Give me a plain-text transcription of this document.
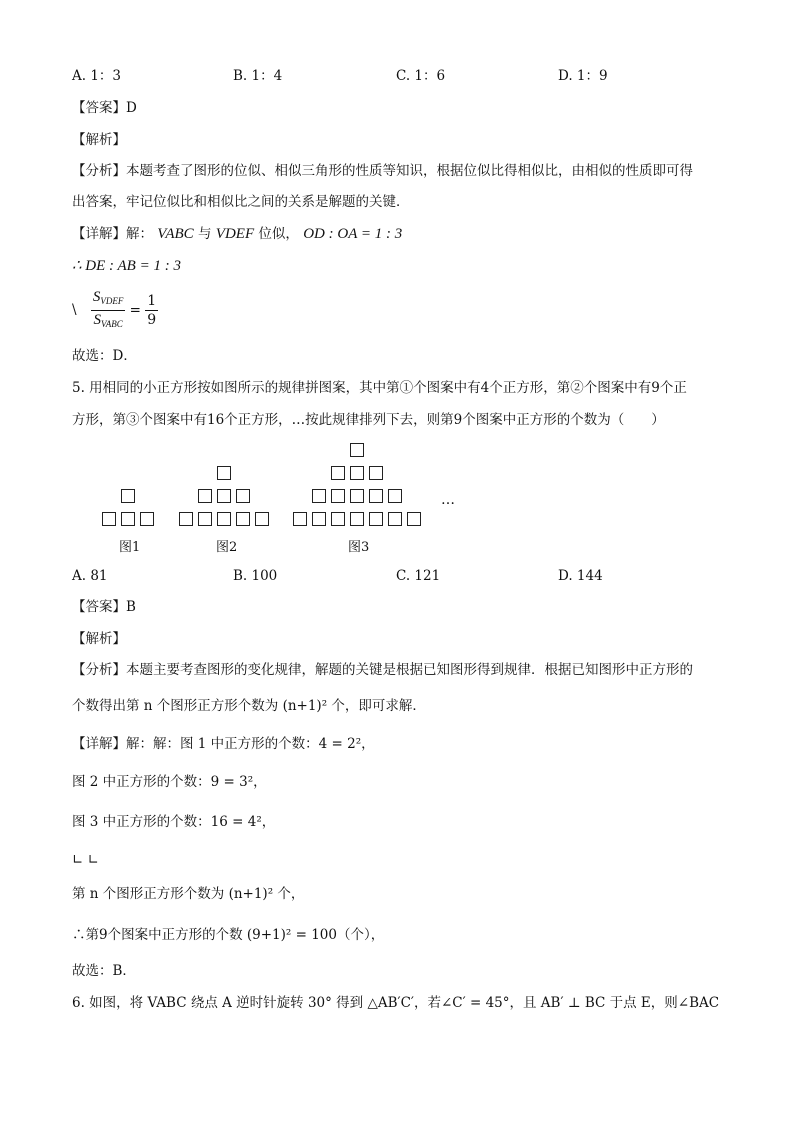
A. 1：3	B. 1：4	C. 1：6	D. 1：9
【答案】D
【解析】
【分析】本题考查了图形的位似、相似三角形的性质等知识，根据位似比得相似比，由相似的性质即可得
出答案，牢记位似比和相似比之间的关系是解题的关键．
【详解】解： VABC 与 VDEF 位似， OD : OA = 1 : 3
∴ DE : AB = 1 : 3
\ $\frac{S_{VDEF}}{S_{VABC}} = \frac{1}{9}$
故选：D．
5. 用相同的小正方形按如图所示的规律拼图案，其中第①个图案中有4个正方形，第②个图案中有9个正
方形，第③个图案中有16个正方形，…按此规律排列下去，则第9个图案中正方形的个数为（　　）
…
图1	图2	图3
A. 81	B. 100	C. 121	D. 144
【答案】B
【解析】
【分析】本题主要考查图形的变化规律，解题的关键是根据已知图形得到规律．根据已知图形中正方形的
个数得出第 n 个图形正方形个数为 (n+1)² 个，即可求解．
【详解】解：解：图 1 中正方形的个数：4 = 2²，
图 2 中正方形的个数：9 = 3²，
图 3 中正方形的个数：16 = 4²，
∟ ∟
第 n 个图形正方形个数为 (n+1)² 个，
∴第9个图案中正方形的个数 (9+1)² = 100（个），
故选：B．
6. 如图，将 VABC 绕点 A 逆时针旋转 30° 得到 △AB′C′，若∠C′ = 45°，且 AB′ ⊥ BC 于点 E，则∠BAC
